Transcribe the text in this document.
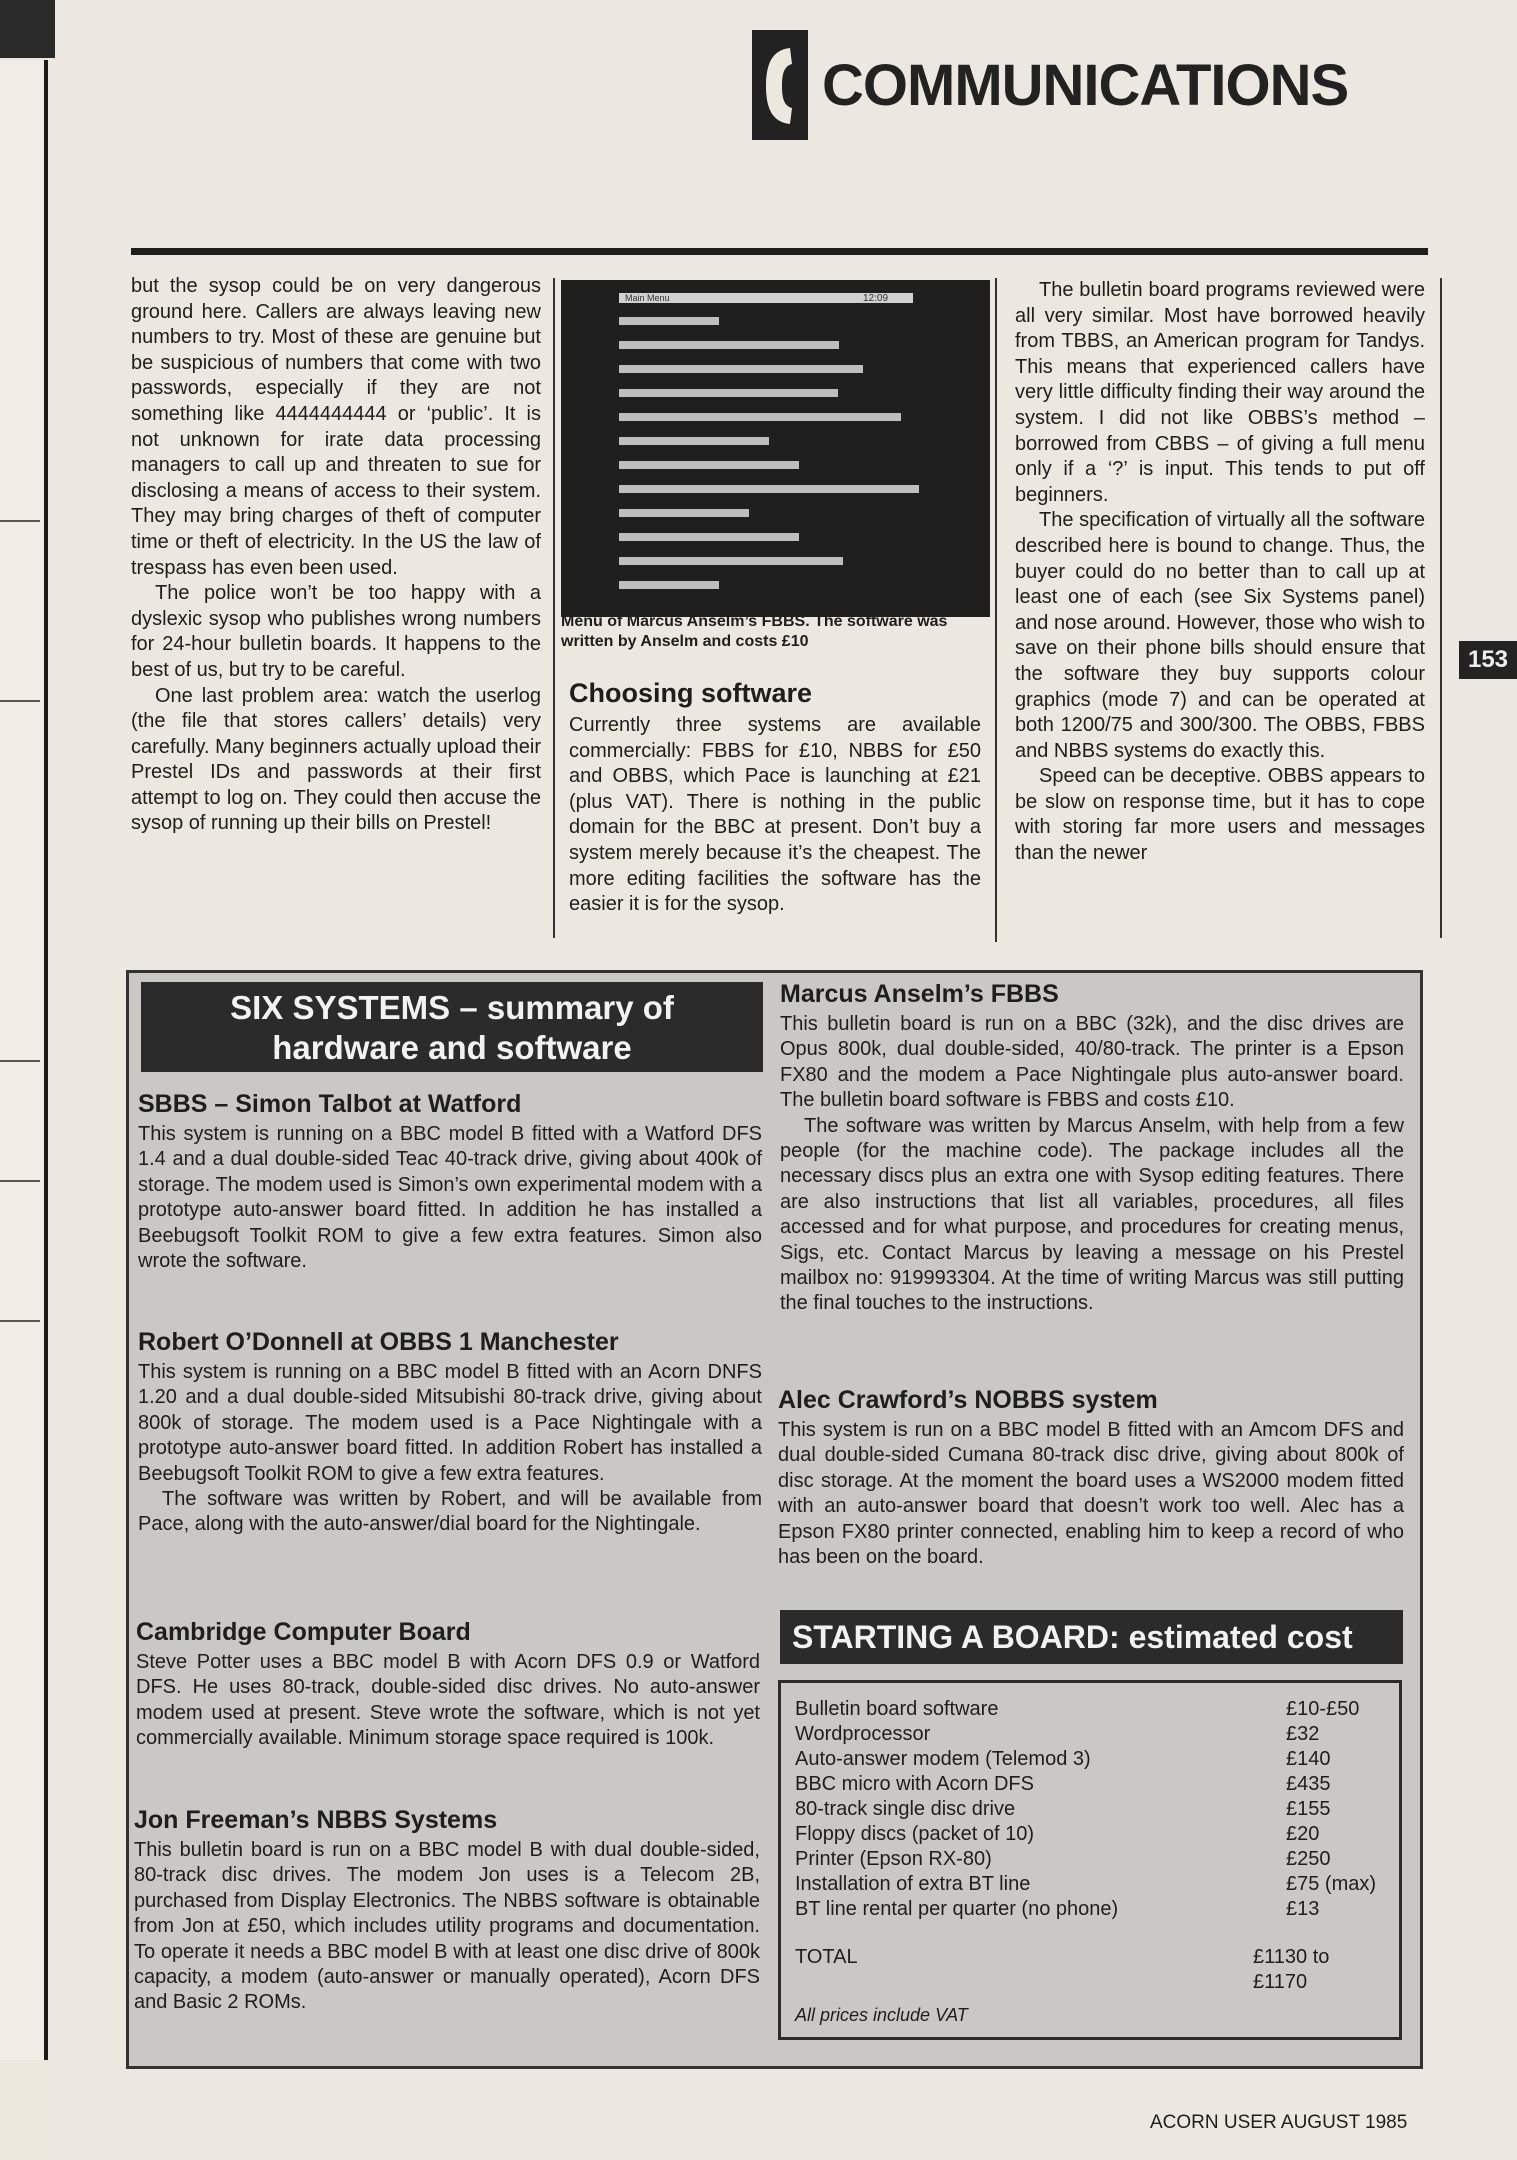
COMMUNICATIONS

but the sysop could be on very dangerous ground here. Callers are always leaving new numbers to try. Most of these are genuine but be suspicious of numbers that come with two passwords, especially if they are not something like 4444444444 or ‘public’. It is not unknown for irate data processing managers to call up and threaten to sue for disclosing a means of access to their system. They may bring charges of theft of computer time or theft of electricity. In the US the law of trespass has even been used.

The police won’t be too happy with a dyslexic sysop who publishes wrong numbers for 24-hour bulletin boards. It happens to the best of us, but try to be careful.

One last problem area: watch the userlog (the file that stores callers’ details) very carefully. Many beginners actually upload their Prestel IDs and passwords at their first attempt to log on. They could then accuse the sysop of running up their bills on Prestel!

Main Menu	12:09
Menu of Marcus Anselm’s FBBS. The software was written by Anselm and costs £10
Choosing software

Currently three systems are available commercially: FBBS for £10, NBBS for £50 and OBBS, which Pace is launching at £21 (plus VAT). There is nothing in the public domain for the BBC at present. Don’t buy a system merely because it’s the cheapest. The more editing facilities the software has the easier it is for the sysop.

The bulletin board programs reviewed were all very similar. Most have borrowed heavily from TBBS, an American program for Tandys. This means that experienced callers have very little difficulty finding their way around the system. I did not like OBBS’s method – borrowed from CBBS – of giving a full menu only if a ‘?’ is input. This tends to put off beginners.

The specification of virtually all the software described here is bound to change. Thus, the buyer could do no better than to call up at least one of each (see Six Systems panel) and nose around. However, those who wish to save on their phone bills should ensure that the software they buy supports colour graphics (mode 7) and can be operated at both 1200/75 and 300/300. The OBBS, FBBS and NBBS systems do exactly this.

Speed can be deceptive. OBBS appears to be slow on response time, but it has to cope with storing far more users and messages than the newer

153
SIX SYSTEMS – summary of
hardware and software
SBBS – Simon Talbot at Watford

This system is running on a BBC model B fitted with a Watford DFS 1.4 and a dual double-sided Teac 40-track drive, giving about 400k of storage. The modem used is Simon’s own experimental modem with a prototype auto-answer board fitted. In addition he has installed a Beebugsoft Toolkit ROM to give a few extra features. Simon also wrote the software.

Robert O’Donnell at OBBS 1 Manchester

This system is running on a BBC model B fitted with an Acorn DNFS 1.20 and a dual double-sided Mitsubishi 80-track drive, giving about 800k of storage. The modem used is a Pace Nightingale with a prototype auto-answer board fitted. In addition Robert has installed a Beebugsoft Toolkit ROM to give a few extra features.

The software was written by Robert, and will be available from Pace, along with the auto-answer/dial board for the Nightingale.

Cambridge Computer Board

Steve Potter uses a BBC model B with Acorn DFS 0.9 or Watford DFS. He uses 80-track, double-sided disc drives. No auto-answer modem used at present. Steve wrote the software, which is not yet commercially available. Minimum storage space required is 100k.

Jon Freeman’s NBBS Systems

This bulletin board is run on a BBC model B with dual double-sided, 80-track disc drives. The modem Jon uses is a Telecom 2B, purchased from Display Electronics. The NBBS software is obtainable from Jon at £50, which includes utility programs and documentation. To operate it needs a BBC model B with at least one disc drive of 800k capacity, a modem (auto-answer or manually operated), Acorn DFS and Basic 2 ROMs.

Marcus Anselm’s FBBS

This bulletin board is run on a BBC (32k), and the disc drives are Opus 800k, dual double-sided, 40/80-track. The printer is a Epson FX80 and the modem a Pace Nightingale plus auto-answer board. The bulletin board software is FBBS and costs £10.

The software was written by Marcus Anselm, with help from a few people (for the machine code). The package includes all the necessary discs plus an extra one with Sysop editing features. There are also instructions that list all variables, procedures, all files accessed and for what purpose, and procedures for creating menus, Sigs, etc. Contact Marcus by leaving a message on his Prestel mailbox no: 919993304. At the time of writing Marcus was still putting the final touches to the instructions.

Alec Crawford’s NOBBS system

This system is run on a BBC model B fitted with an Amcom DFS and dual double-sided Cumana 80-track disc drive, giving about 800k of disc storage. At the moment the board uses a WS2000 modem fitted with an auto-answer board that doesn’t work too well. Alec has a Epson FX80 printer connected, enabling him to keep a record of who has been on the board.

STARTING A BOARD: estimated cost
Bulletin board software	£10-£50
Wordprocessor	£32
Auto-answer modem (Telemod 3)	£140
BBC micro with Acorn DFS	£435
80-track single disc drive	£155
Floppy discs (packet of 10)	£20
Printer (Epson RX-80)	£250
Installation of extra BT line	£75 (max)
BT line rental per quarter (no phone)	£13
TOTAL	£1130 to £1170
All prices include VAT
ACORN USER AUGUST 1985
